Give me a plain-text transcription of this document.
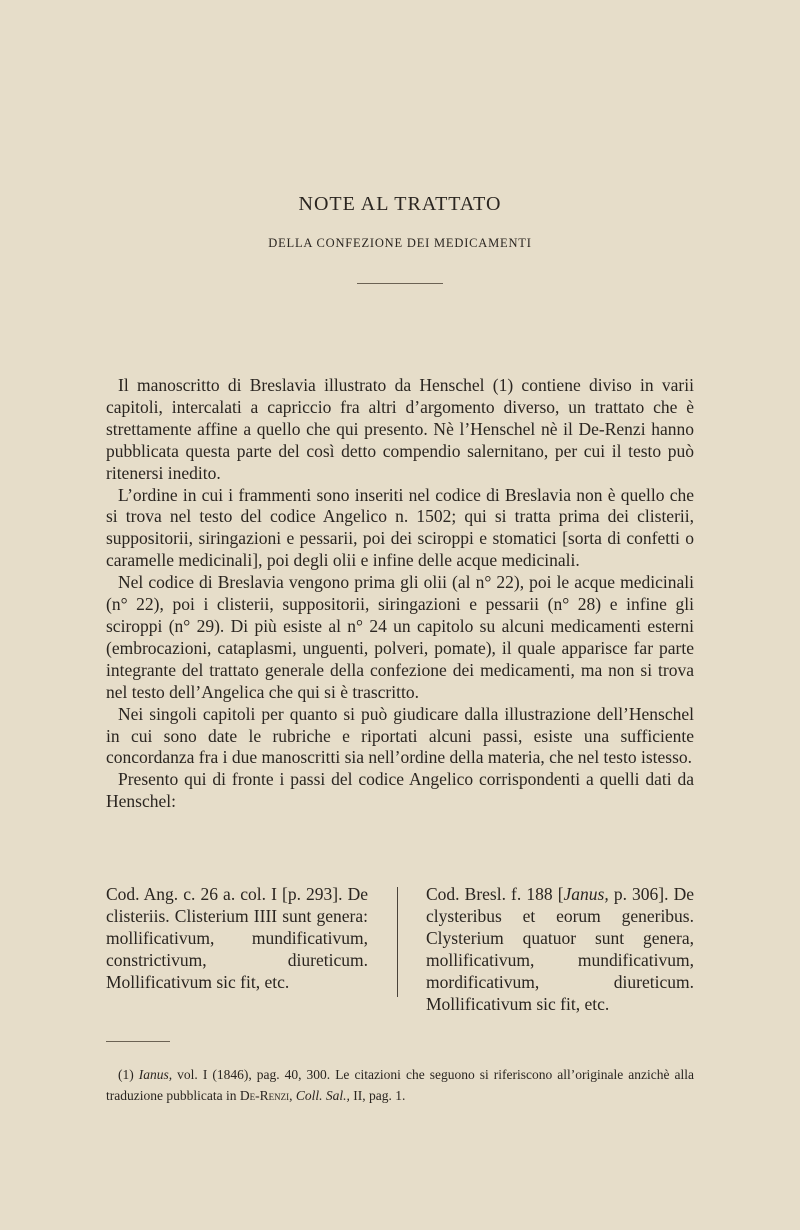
NOTE AL TRATTATO
DELLA CONFEZIONE DEI MEDICAMENTI

Il manoscritto di Breslavia illustrato da Henschel (1) contiene diviso in varii capitoli, intercalati a capriccio fra altri d’argomento diverso, un trattato che è strettamente affine a quello che qui presento. Nè l’Henschel nè il De-Renzi hanno pubblicata questa parte del così detto compendio salernitano, per cui il testo può ritenersi inedito.

L’ordine in cui i frammenti sono inseriti nel codice di Breslavia non è quello che si trova nel testo del codice Angelico n. 1502; qui si tratta prima dei clisterii, suppositorii, siringazioni e pessarii, poi dei sciroppi e stomatici [sorta di confetti o caramelle medicinali], poi degli olii e infine delle acque medicinali.

Nel codice di Breslavia vengono prima gli olii (al n° 22), poi le acque medicinali (n° 22), poi i clisterii, suppositorii, siringazioni e pessarii (n° 28) e infine gli sciroppi (n° 29). Di più esiste al n° 24 un capitolo su alcuni medicamenti esterni (embrocazioni, cataplasmi, unguenti, polveri, pomate), il quale apparisce far parte integrante del trattato generale della confezione dei medicamenti, ma non si trova nel testo dell’Angelica che qui si è trascritto.

Nei singoli capitoli per quanto si può giudicare dalla illustrazione dell’Henschel in cui sono date le rubriche e riportati alcuni passi, esiste una sufficiente concordanza fra i due manoscritti sia nell’ordine della materia, che nel testo istesso.

Presento qui di fronte i passi del codice Angelico corrispondenti a quelli dati da Henschel:

Cod. Ang. c. 26 a. col. I [p. 293]. De clisteriis. Clisterium IIII sunt genera: mollificativum, mundificativum, constrictivum, diureticum. Mollificativum sic fit, etc.
Cod. Bresl. f. 188 [Janus, p. 306]. De clysteribus et eorum generibus. Clysterium quatuor sunt genera, mollificativum, mundificativum, mordificativum, diureticum. Mollificativum sic fit, etc.

(1) Ianus, vol. I (1846), pag. 40, 300. Le citazioni che seguono si riferiscono all’originale anzichè alla traduzione pubblicata in De-Renzi, Coll. Sal., II, pag. 1.
